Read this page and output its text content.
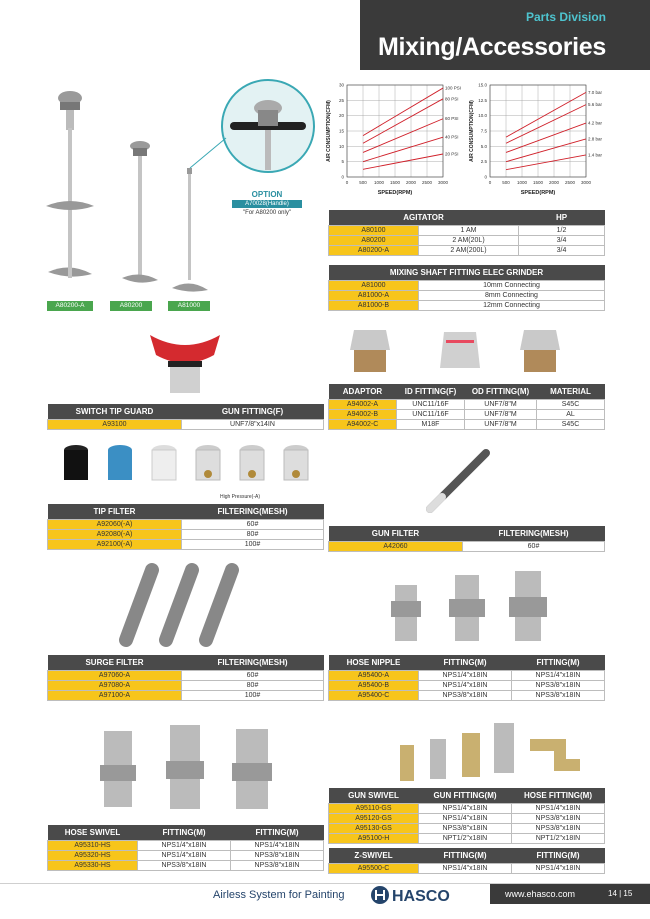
Parts Division
Mixing/Accessories
OPTION
A70028(Handle)
"For A80200 only"
A80200-A	A80200	A81000
0 500 1000 1500 2000 2500 3000
0
5
10
15
20
25
30
100 PSI
80 PSI
60 PSI
40 PSI
20 PSI
SPEED(RPM)
AIR CONSUMPTION(CFM)
0 500 1000 1500 2000 2500 3000
0
2.5
5.0
7.5
10.0
12.5
15.0
7.0 bar
5.6 bar
4.2 bar
2.8 bar
1.4 bar
SPEED(RPM)
AIR CONSUMPTION(CFM)
AGITATOR		HP
A80100	1 AM	1/2
A80200	2 AM(20L)	3/4
A80200-A	2 AM(200L)	3/4
MIXING SHAFT FITTING ELEC GRINDER	
A81000	10mm Connecting
A81000-A	8mm Connecting
A81000-B	12mm Connecting
ADAPTOR	ID FITTING(F)	OD FITTING(M)	MATERIAL
A94002-A	UNC11/16F	UNF7/8"M	S45C
A94002-B	UNC11/16F	UNF7/8"M	AL
A94002-C	M18F	UNF7/8"M	S45C
SWITCH TIP GUARD	GUN FITTING(F)
A93100	UNF7/8"x14IN
High Pressure(-A)
TIP FILTER	FILTERING(MESH)
A92060(-A)	60#
A92080(-A)	80#
A92100(-A)	100#
GUN FILTER	FILTERING(MESH)
A42060	60#
SURGE FILTER	FILTERING(MESH)
A97060-A	60#
A97080-A	80#
A97100-A	100#
HOSE NIPPLE	FITTING(M)	FITTING(M)
A95400-A	NPS1/4"x18IN	NPS1/4"x18IN
A95400-B	NPS1/4"x18IN	NPS3/8"x18IN
A95400-C	NPS3/8"x18IN	NPS3/8"x18IN
HOSE SWIVEL	FITTING(M)	FITTING(M)
A95310-HS	NPS1/4"x18IN	NPS1/4"x18IN
A95320-HS	NPS1/4"x18IN	NPS3/8"x18IN
A95330-HS	NPS3/8"x18IN	NPS3/8"x18IN
GUN SWIVEL	GUN FITTING(M)	HOSE FITTING(M)
A95110-GS	NPS1/4"x18IN	NPS1/4"x18IN
A95120-GS	NPS1/4"x18IN	NPS3/8"x18IN
A95130-GS	NPS3/8"x18IN	NPS3/8"x18IN
A95100-H	NPT1/2"x18IN	NPT1/2"x18IN
Z-SWIVEL	FITTING(M)	FITTING(M)
A95500-C	NPS1/4"x18IN	NPS1/4"x18IN
Airless System for Painting	HASCO	www.ehasco.com	14 | 15
